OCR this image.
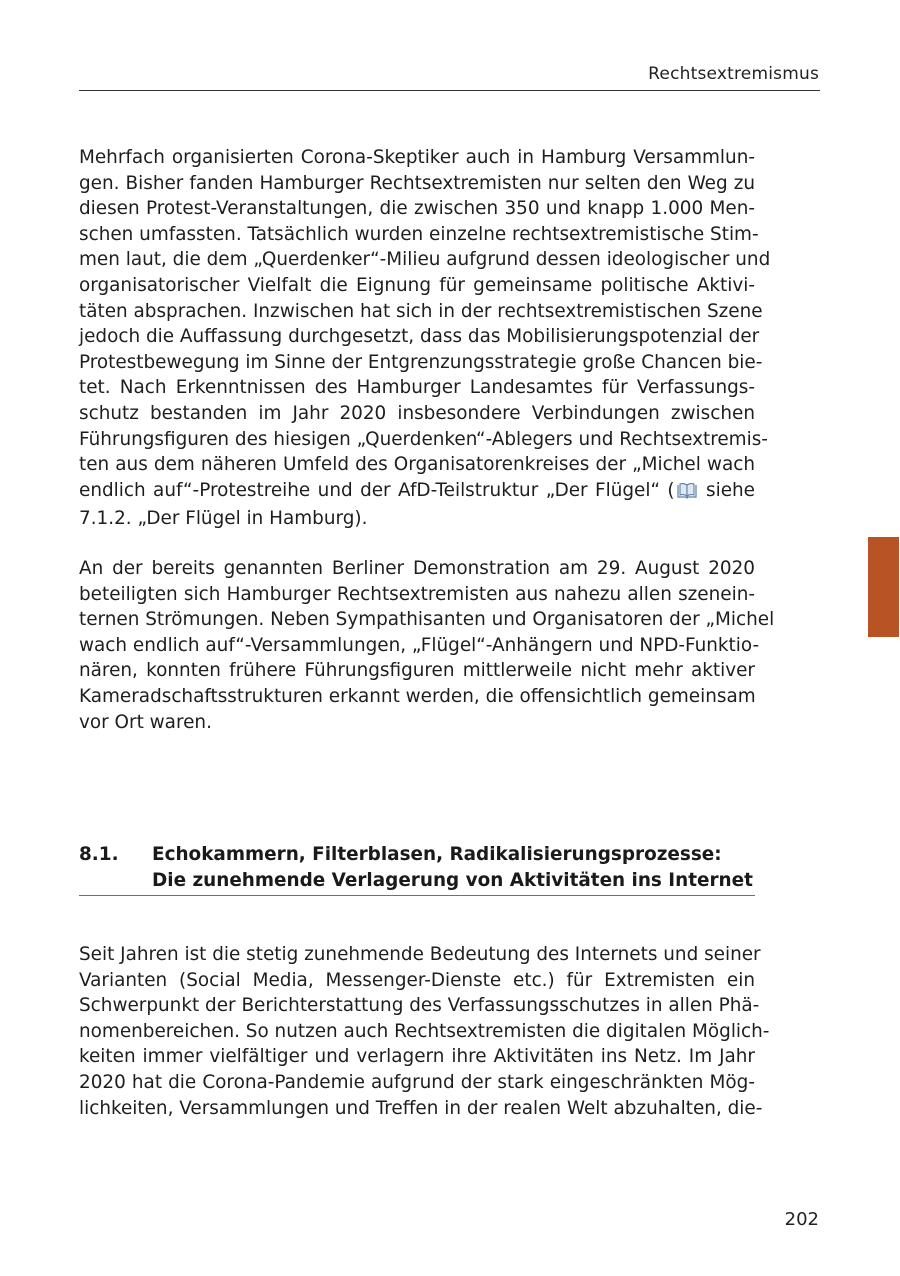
Rechtsextremismus
Mehrfach organisierten Corona-Skeptiker auch in Hamburg Versammlun-
gen. Bisher fanden Hamburger Rechtsextremisten nur selten den Weg zu
diesen Protest-Veranstaltungen, die zwischen 350 und knapp 1.000 Men-
schen umfassten. Tatsächlich wurden einzelne rechtsextremistische Stim-
men laut, die dem „Querdenker“-Milieu aufgrund dessen ideologischer und
organisatorischer Vielfalt die Eignung für gemeinsame politische Aktivi-
täten absprachen. Inzwischen hat sich in der rechtsextremistischen Szene
jedoch die Auffassung durchgesetzt, dass das Mobilisierungspotenzial der
Protestbewegung im Sinne der Entgrenzungsstrategie große Chancen bie-
tet. Nach Erkenntnissen des Hamburger Landesamtes für Verfassungs-
schutz bestanden im Jahr 2020 insbesondere Verbindungen zwischen
Führungsfiguren des hiesigen „Querdenken“-Ablegers und Rechtsextremis-
ten aus dem näheren Umfeld des Organisatorenkreises der „Michel wach
endlich auf“-Protestreihe und der AfD-Teilstruktur „Der Flügel“ ( siehe
7.1.2. „Der Flügel in Hamburg).
An der bereits genannten Berliner Demonstration am 29. August 2020
beteiligten sich Hamburger Rechtsextremisten aus nahezu allen szenein-
ternen Strömungen. Neben Sympathisanten und Organisatoren der „Michel
wach endlich auf“-Versammlungen, „Flügel“-Anhängern und NPD-Funktio-
nären, konnten frühere Führungsfiguren mittlerweile nicht mehr aktiver
Kameradschaftsstrukturen erkannt werden, die offensichtlich gemeinsam
vor Ort waren.
8.1. Echokammern, Filterblasen, Radikalisierungsprozesse:
Die zunehmende Verlagerung von Aktivitäten ins Internet
Seit Jahren ist die stetig zunehmende Bedeutung des Internets und seiner
Varianten (Social Media, Messenger-Dienste etc.) für Extremisten ein
Schwerpunkt der Berichterstattung des Verfassungsschutzes in allen Phä-
nomenbereichen. So nutzen auch Rechtsextremisten die digitalen Möglich-
keiten immer vielfältiger und verlagern ihre Aktivitäten ins Netz. Im Jahr
2020 hat die Corona-Pandemie aufgrund der stark eingeschränkten Mög-
lichkeiten, Versammlungen und Treffen in der realen Welt abzuhalten, die-
202
